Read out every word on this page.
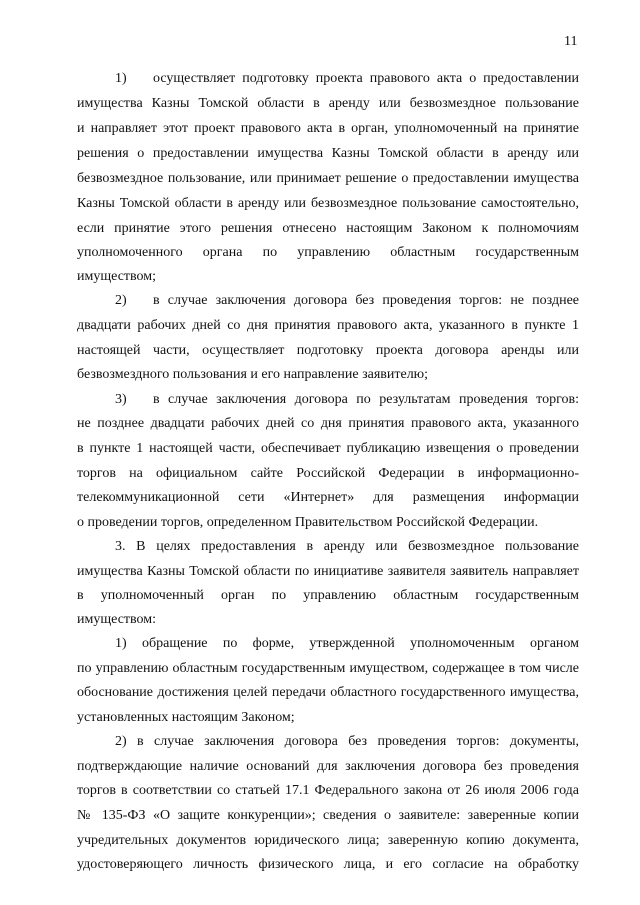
11
1) осуществляет подготовку проекта правового акта о предоставлении
имущества Казны Томской области в аренду или безвозмездное пользование
и направляет этот проект правового акта в орган, уполномоченный на принятие
решения о предоставлении имущества Казны Томской области в аренду или
безвозмездное пользование, или принимает решение о предоставлении имущества
Казны Томской области в аренду или безвозмездное пользование самостоятельно,
если принятие этого решения отнесено настоящим Законом к полномочиям
уполномоченного органа по управлению областным государственным
имуществом;
2) в случае заключения договора без проведения торгов: не позднее
двадцати рабочих дней со дня принятия правового акта, указанного в пункте 1
настоящей части, осуществляет подготовку проекта договора аренды или
безвозмездного пользования и его направление заявителю;
3) в случае заключения договора по результатам проведения торгов:
не позднее двадцати рабочих дней со дня принятия правового акта, указанного
в пункте 1 настоящей части, обеспечивает публикацию извещения о проведении
торгов на официальном сайте Российской Федерации в информационно-
телекоммуникационной сети «Интернет» для размещения информации
о проведении торгов, определенном Правительством Российской Федерации.
3. В целях предоставления в аренду или безвозмездное пользование
имущества Казны Томской области по инициативе заявителя заявитель направляет
в уполномоченный орган по управлению областным государственным
имуществом:
1) обращение по форме, утвержденной уполномоченным органом
по управлению областным государственным имуществом, содержащее в том числе
обоснование достижения целей передачи областного государственного имущества,
установленных настоящим Законом;
2) в случае заключения договора без проведения торгов: документы,
подтверждающие наличие оснований для заключения договора без проведения
торгов в соответствии со статьей 17.1 Федерального закона от 26 июля 2006 года
№ 135-ФЗ «О защите конкуренции»; сведения о заявителе: заверенные копии
учредительных документов юридического лица; заверенную копию документа,
удостоверяющего личность физического лица, и его согласие на обработку
